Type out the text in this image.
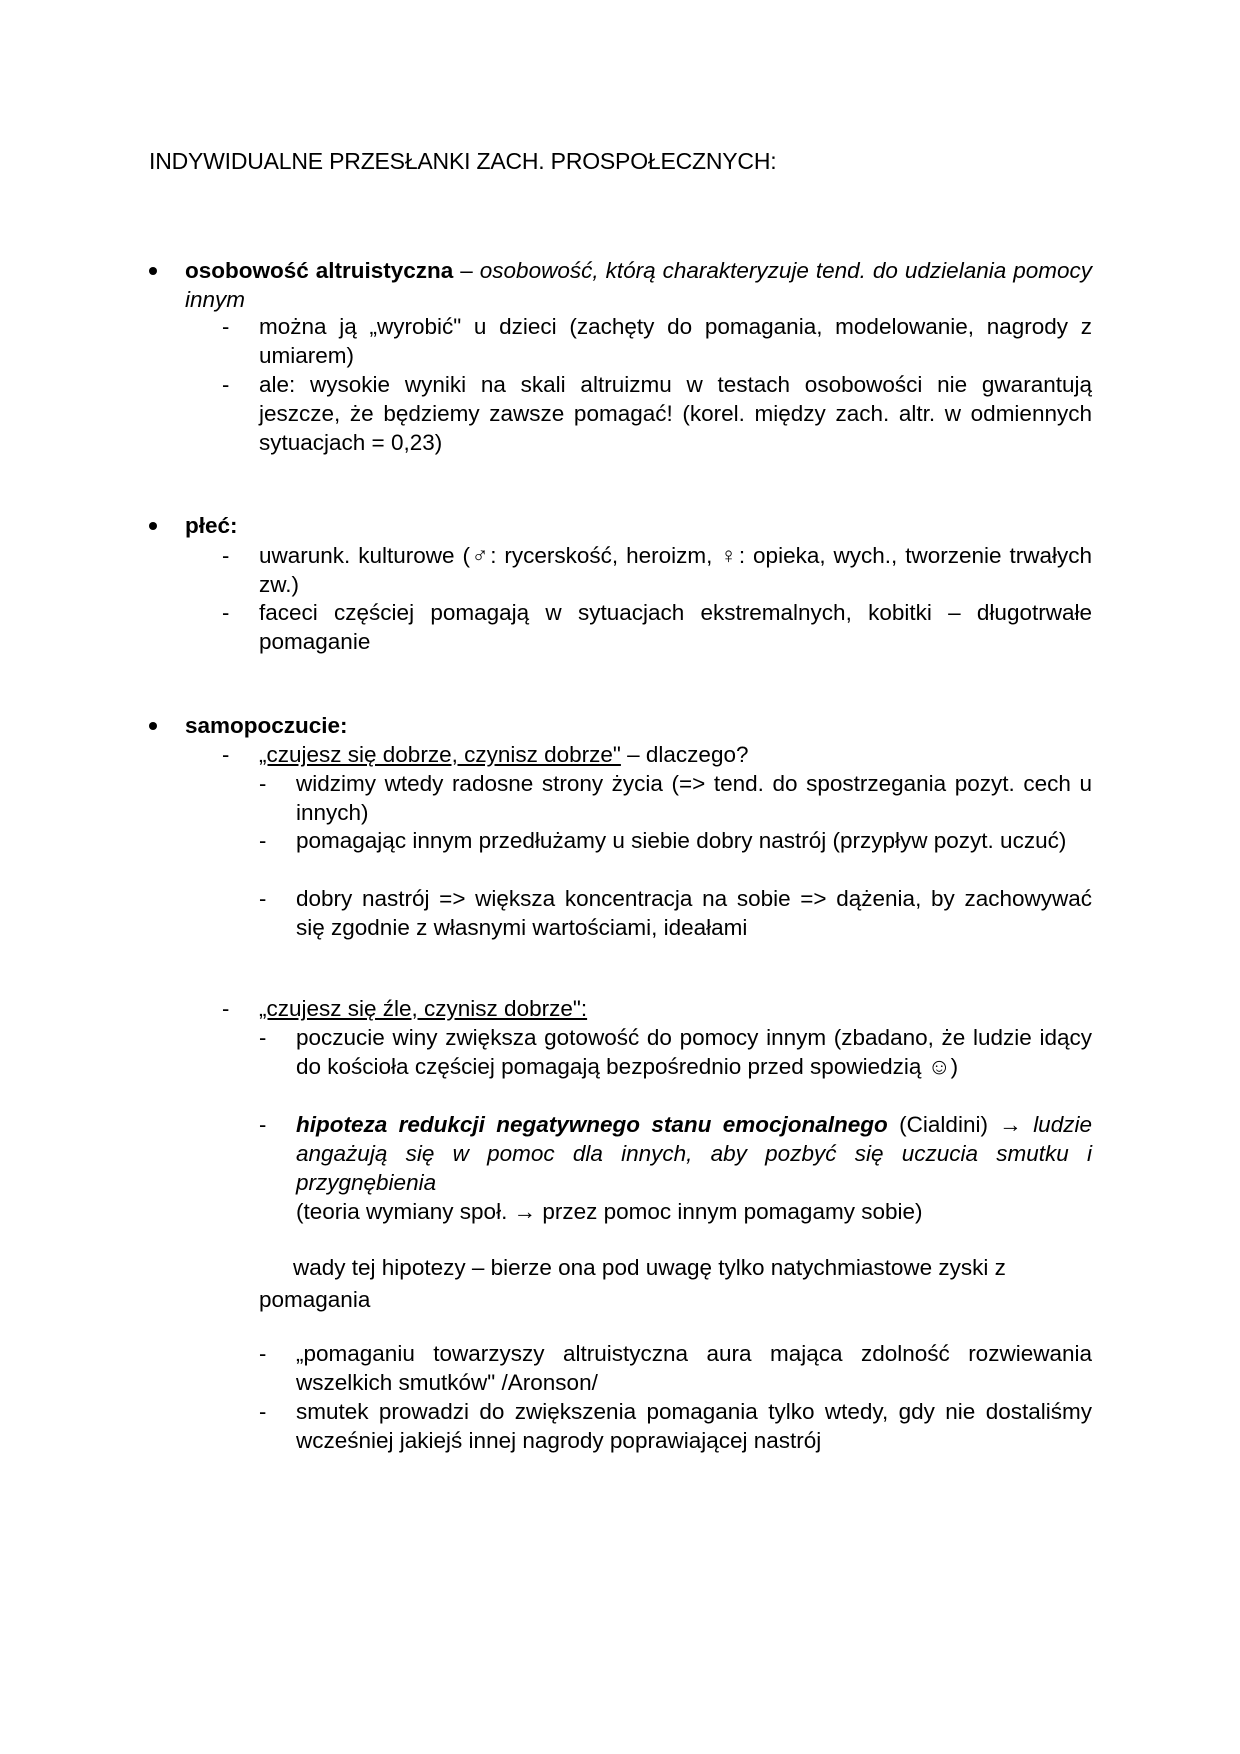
INDYWIDUALNE PRZESŁANKI ZACH. PROSPOŁECZNYCH:
osobowość altruistyczna – osobowość, którą charakteryzuje tend. do udzielania pomocy innym
- można ją „wyrobić" u dzieci (zachęty do pomagania, modelowanie, nagrody z umiarem)
- ale: wysokie wyniki na skali altruizmu w testach osobowości nie gwarantują jeszcze, że będziemy zawsze pomagać! (korel. między zach. altr. w odmiennych sytuacjach = 0,23)
płeć:
- uwarunk. kulturowe (♂: rycerskość, heroizm, ♀: opieka, wych., tworzenie trwałych zw.)
- faceci częściej pomagają w sytuacjach ekstremalnych, kobitki – długotrwałe pomaganie
samopoczucie:
- „czujesz się dobrze, czynisz dobrze" – dlaczego?
- widzimy wtedy radosne strony życia (=> tend. do spostrzegania pozyt. cech u innych)
- pomagając innym przedłużamy u siebie dobry nastrój (przypływ pozyt. uczuć)
- dobry nastrój => większa koncentracja na sobie => dążenia, by zachowywać się zgodnie z własnymi wartościami, ideałami
- „czujesz się źle, czynisz dobrze":
- poczucie winy zwiększa gotowość do pomocy innym (zbadano, że ludzie idący do kościoła częściej pomagają bezpośrednio przed spowiedzią ☺)
- hipoteza redukcji negatywnego stanu emocjonalnego (Cialdini) → ludzie angażują się w pomoc dla innych, aby pozbyć się uczucia smutku i przygnębienia
(teoria wymiany społ. → przez pomoc innym pomagamy sobie)
wady tej hipotezy – bierze ona pod uwagę tylko natychmiastowe zyski z pomagania
- „pomaganiu towarzyszy altruistyczna aura mająca zdolność rozwiewania wszelkich smutków" /Aronson/
- smutek prowadzi do zwiększenia pomagania tylko wtedy, gdy nie dostaliśmy wcześniej jakiejś innej nagrody poprawiającej nastrój
